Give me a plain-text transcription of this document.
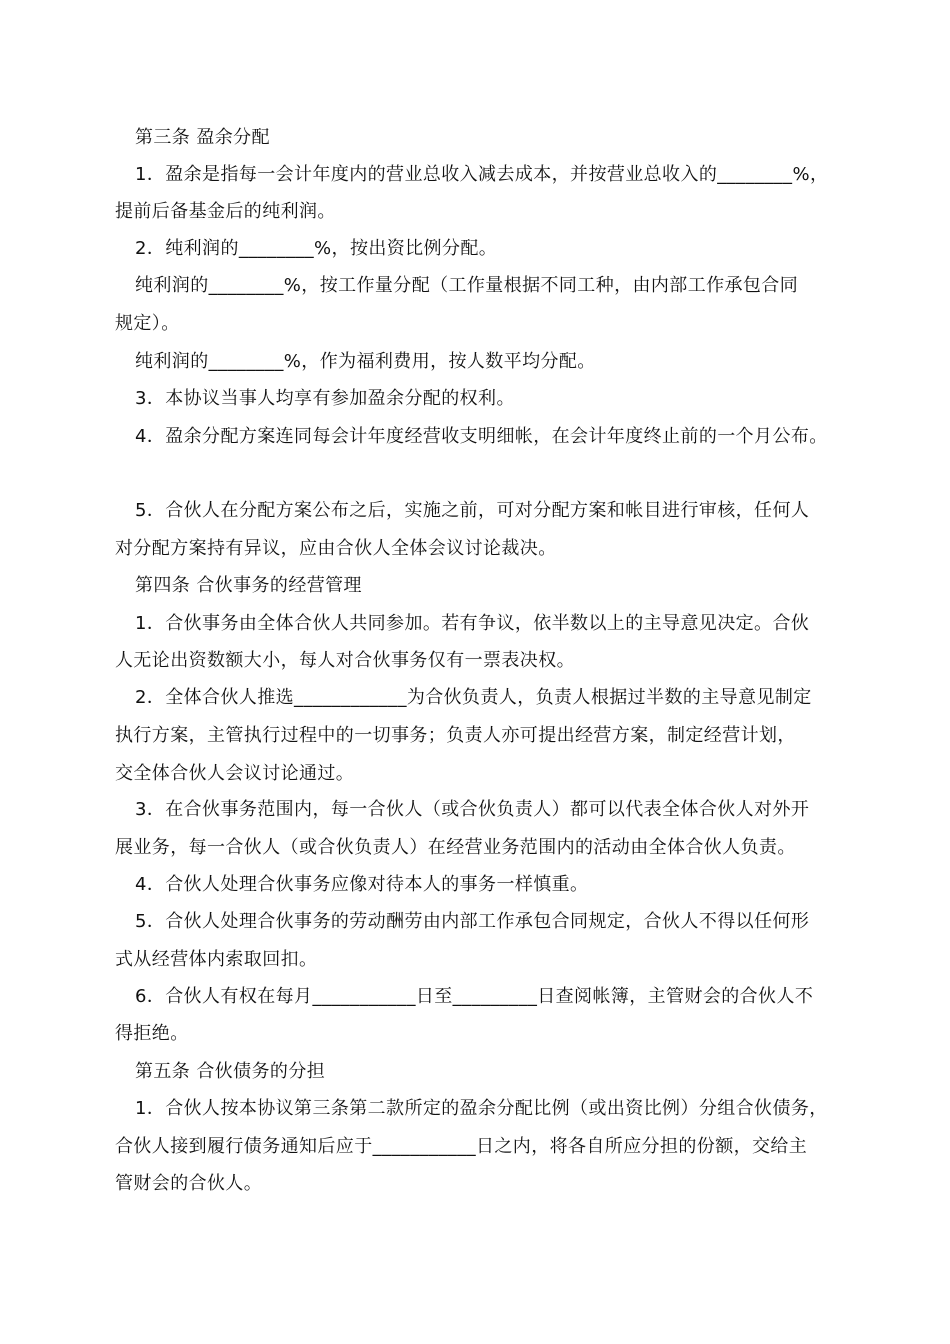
第三条 盈余分配
1．盈余是指每一会计年度内的营业总收入减去成本，并按营业总收入的________%，
提前后备基金后的纯利润。
2．纯利润的________%，按出资比例分配。
纯利润的________%，按工作量分配（工作量根据不同工种，由内部工作承包合同
规定）。
纯利润的________%，作为福利费用，按人数平均分配。
3．本协议当事人均享有参加盈余分配的权利。
4．盈余分配方案连同每会计年度经营收支明细帐，在会计年度终止前的一个月公布。
5．合伙人在分配方案公布之后，实施之前，可对分配方案和帐目进行审核，任何人
对分配方案持有异议，应由合伙人全体会议讨论裁决。
第四条 合伙事务的经营管理
1．合伙事务由全体合伙人共同参加。若有争议，依半数以上的主导意见决定。合伙
人无论出资数额大小，每人对合伙事务仅有一票表决权。
2．全体合伙人推选____________为合伙负责人，负责人根据过半数的主导意见制定
执行方案，主管执行过程中的一切事务；负责人亦可提出经营方案，制定经营计划，
交全体合伙人会议讨论通过。
3．在合伙事务范围内，每一合伙人（或合伙负责人）都可以代表全体合伙人对外开
展业务，每一合伙人（或合伙负责人）在经营业务范围内的活动由全体合伙人负责。
4．合伙人处理合伙事务应像对待本人的事务一样慎重。
5．合伙人处理合伙事务的劳动酬劳由内部工作承包合同规定，合伙人不得以任何形
式从经营体内索取回扣。
6．合伙人有权在每月___________日至_________日查阅帐簿，主管财会的合伙人不
得拒绝。
第五条 合伙债务的分担
1．合伙人按本协议第三条第二款所定的盈余分配比例（或出资比例）分组合伙债务，
合伙人接到履行债务通知后应于___________日之内，将各自所应分担的份额，交给主
管财会的合伙人。
